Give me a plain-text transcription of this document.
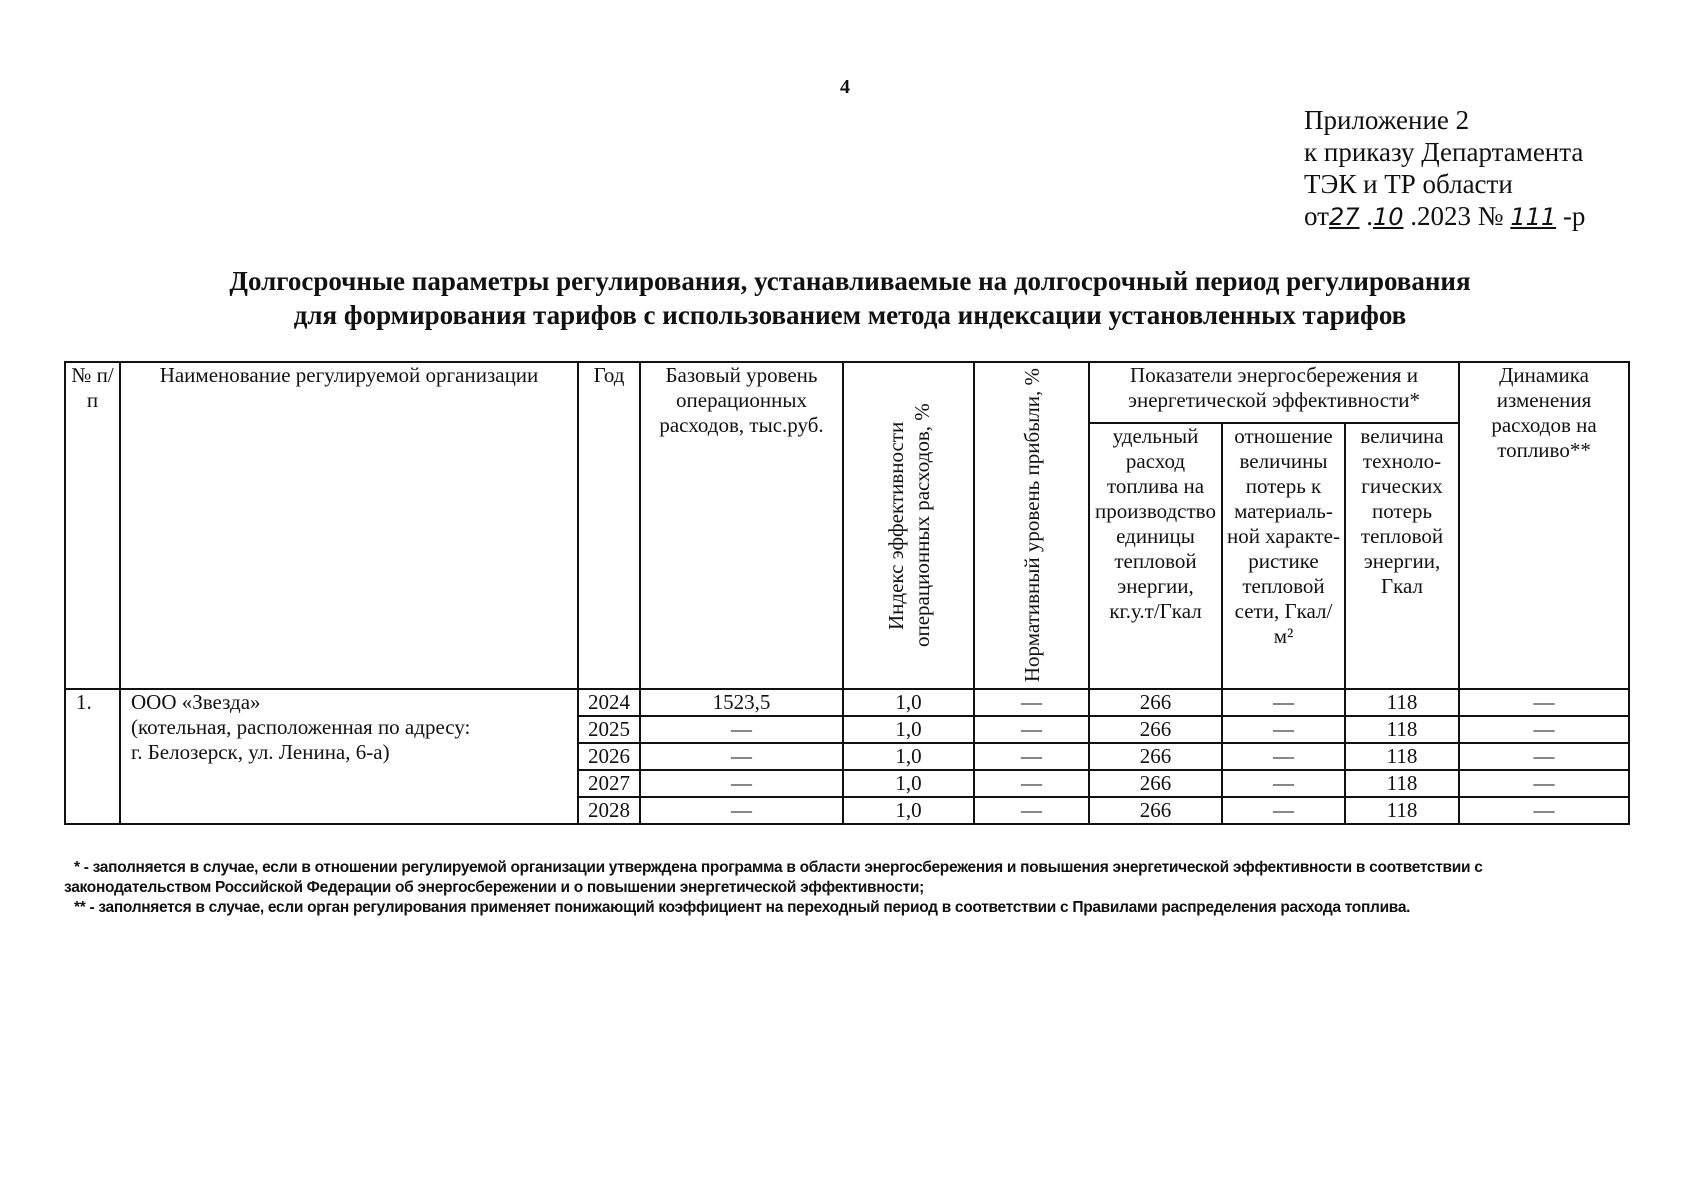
4
Приложение 2
к приказу Департамента
ТЭК и ТР области
от27 .10 .2023 № 111 -р
Долгосрочные параметры регулирования, устанавливаемые на долгосрочный период регулирования
для формирования тарифов с использованием метода индексации установленных тарифов
№ п/п	Наименование регулируемой организации	Год	Базовый уровень операционных расходов, тыс.руб.	Индекс эффективности операционных расходов, %	Нормативный уровень прибыли, %	Показатели энергосбережения и энергетической эффективности*			Динамика изменения расходов на топливо**
						удельный расход топлива на производство единицы тепловой энергии, кг.у.т/Гкал	отношение величины потерь к материаль-ной характе-ристике тепловой сети, Гкал/м²	величина техноло-гических потерь тепловой энергии, Гкал	
1.	ООО «Звезда»
(котельная, расположенная по адресу:
г. Белозерск, ул. Ленина, 6-а)	2024	1523,5	1,0	—	266	—	118	—
		2025	—	1,0	—	266	—	118	—
		2026	—	1,0	—	266	—	118	—
		2027	—	1,0	—	266	—	118	—
		2028	—	1,0	—	266	—	118	—

* - заполняется в случае, если в отношении регулируемой организации утверждена программа в области энергосбережения и повышения энергетической эффективности в соответствии с законодательством Российской Федерации об энергосбережении и о повышении энергетической эффективности;

** - заполняется в случае, если орган регулирования применяет понижающий коэффициент на переходный период в соответствии с Правилами распределения расхода топлива.
